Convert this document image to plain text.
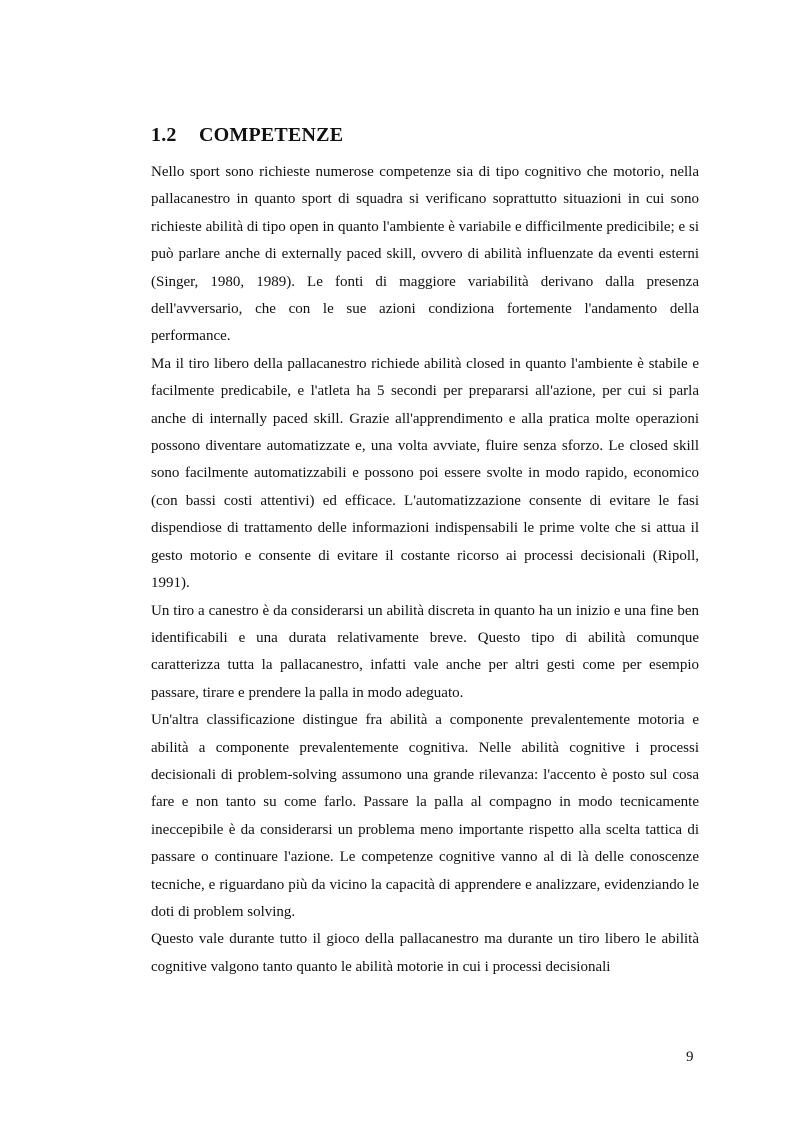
1.2 COMPETENZE

Nello sport sono richieste numerose competenze sia di tipo cognitivo che motorio, nella pallacanestro in quanto sport di squadra si verificano soprattutto situazioni in cui sono richieste abilità di tipo open in quanto l'ambiente è variabile e difficilmente predicibile; e si può parlare anche di externally paced skill, ovvero di abilità influenzate da eventi esterni (Singer, 1980, 1989). Le fonti di maggiore variabilità derivano dalla presenza dell'avversario, che con le sue azioni condiziona fortemente l'andamento della performance.

Ma il tiro libero della pallacanestro richiede abilità closed in quanto l'ambiente è stabile e facilmente predicabile, e l'atleta ha 5 secondi per prepararsi all'azione, per cui si parla anche di internally paced skill. Grazie all'apprendimento e alla pratica molte operazioni possono diventare automatizzate e, una volta avviate, fluire senza sforzo. Le closed skill sono facilmente automatizzabili e possono poi essere svolte in modo rapido, economico (con bassi costi attentivi) ed efficace. L'automatizzazione consente di evitare le fasi dispendiose di trattamento delle informazioni indispensabili le prime volte che si attua il gesto motorio e consente di evitare il costante ricorso ai processi decisionali (Ripoll, 1991).

Un tiro a canestro è da considerarsi un abilità discreta in quanto ha un inizio e una fine ben identificabili e una durata relativamente breve. Questo tipo di abilità comunque caratterizza tutta la pallacanestro, infatti vale anche per altri gesti come per esempio passare, tirare e prendere la palla in modo adeguato.

Un'altra classificazione distingue fra abilità a componente prevalentemente motoria e abilità a componente prevalentemente cognitiva. Nelle abilità cognitive i processi decisionali di problem-solving assumono una grande rilevanza: l'accento è posto sul cosa fare e non tanto su come farlo. Passare la palla al compagno in modo tecnicamente ineccepibile è da considerarsi un problema meno importante rispetto alla scelta tattica di passare o continuare l'azione. Le competenze cognitive vanno al di là delle conoscenze tecniche, e riguardano più da vicino la capacità di apprendere e analizzare, evidenziando le doti di problem solving.

Questo vale durante tutto il gioco della pallacanestro ma durante un tiro libero le abilità cognitive valgono tanto quanto le abilità motorie in cui i processi decisionali

9
